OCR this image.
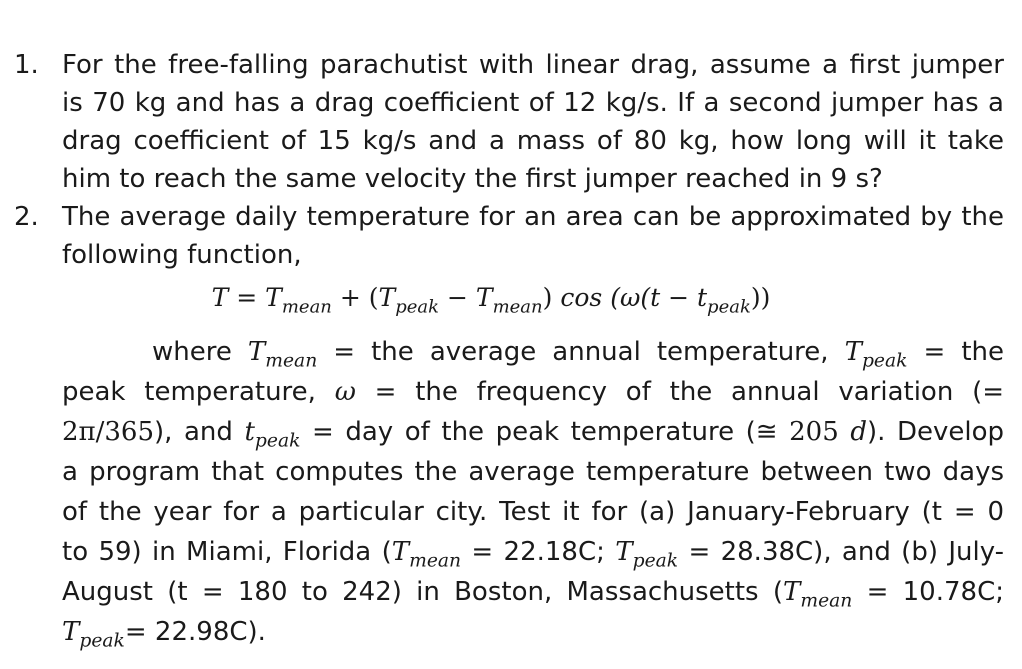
1. For the free-falling parachutist with linear drag, assume a first jumper
is 70 kg and has a drag coefficient of 12 kg/s. If a second jumper has a
drag coefficient of 15 kg/s and a mass of 80 kg, how long will it take
him to reach the same velocity the first jumper reached in 9 s?
2. The average daily temperature for an area can be approximated by the
following function,
$T = T_{mean} + (T_{peak} - T_{mean})$ $\cos (\omega(t - t_{peak}))$
where $T_{mean}$ = the average annual temperature, $T_{peak}$ = the
peak temperature, ω = the frequency of the annual variation (=
2π/365), and $t_{peak}$ = day of the peak temperature (≅ 205 d). Develop
a program that computes the average temperature between two days
of the year for a particular city. Test it for (a) January-February (t = 0
to 59) in Miami, Florida ($T_{mean} = 22.18C$; $T_{peak} = 28.38C$), and (b) July-
August (t = 180 to 242) in Boston, Massachusetts ($T_{mean} = 10.78C$;
$T_{peak}= 22.98C$).
